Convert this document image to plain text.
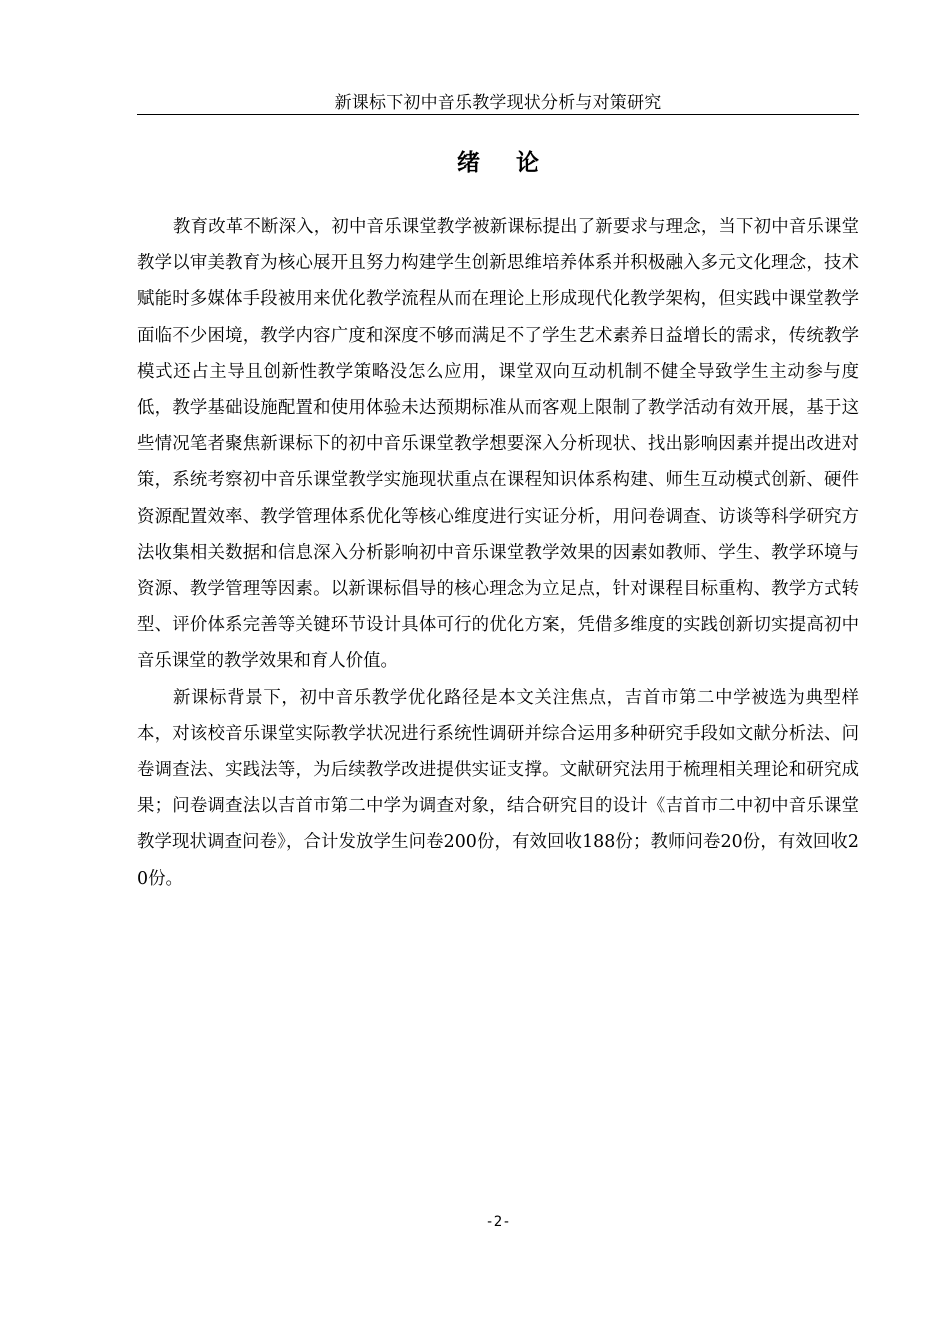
新课标下初中音乐教学现状分析与对策研究
绪论

教育改革不断深入，初中音乐课堂教学被新课标提出了新要求与理念，当下初中音乐课堂教学以审美教育为核心展开且努力构建学生创新思维培养体系并积极融入多元文化理念，技术赋能时多媒体手段被用来优化教学流程从而在理论上形成现代化教学架构，但实践中课堂教学面临不少困境，教学内容广度和深度不够而满足不了学生艺术素养日益增长的需求，传统教学模式还占主导且创新性教学策略没怎么应用，课堂双向互动机制不健全导致学生主动参与度低，教学基础设施配置和使用体验未达预期标准从而客观上限制了教学活动有效开展，基于这些情况笔者聚焦新课标下的初中音乐课堂教学想要深入分析现状、找出影响因素并提出改进对策，系统考察初中音乐课堂教学实施现状重点在课程知识体系构建、师生互动模式创新、硬件资源配置效率、教学管理体系优化等核心维度进行实证分析，用问卷调查、访谈等科学研究方法收集相关数据和信息深入分析影响初中音乐课堂教学效果的因素如教师、学生、教学环境与资源、教学管理等因素。以新课标倡导的核心理念为立足点，针对课程目标重构、教学方式转型、评价体系完善等关键环节设计具体可行的优化方案，凭借多维度的实践创新切实提高初中音乐课堂的教学效果和育人价值。

新课标背景下，初中音乐教学优化路径是本文关注焦点，吉首市第二中学被选为典型样本，对该校音乐课堂实际教学状况进行系统性调研并综合运用多种研究手段如文献分析法、问卷调查法、实践法等，为后续教学改进提供实证支撑。文献研究法用于梳理相关理论和研究成果；问卷调查法以吉首市第二中学为调查对象，结合研究目的设计《吉首市二中初中音乐课堂教学现状调查问卷》，合计发放学生问卷200份，有效回收188份；教师问卷20份，有效回收20份。

-2-
